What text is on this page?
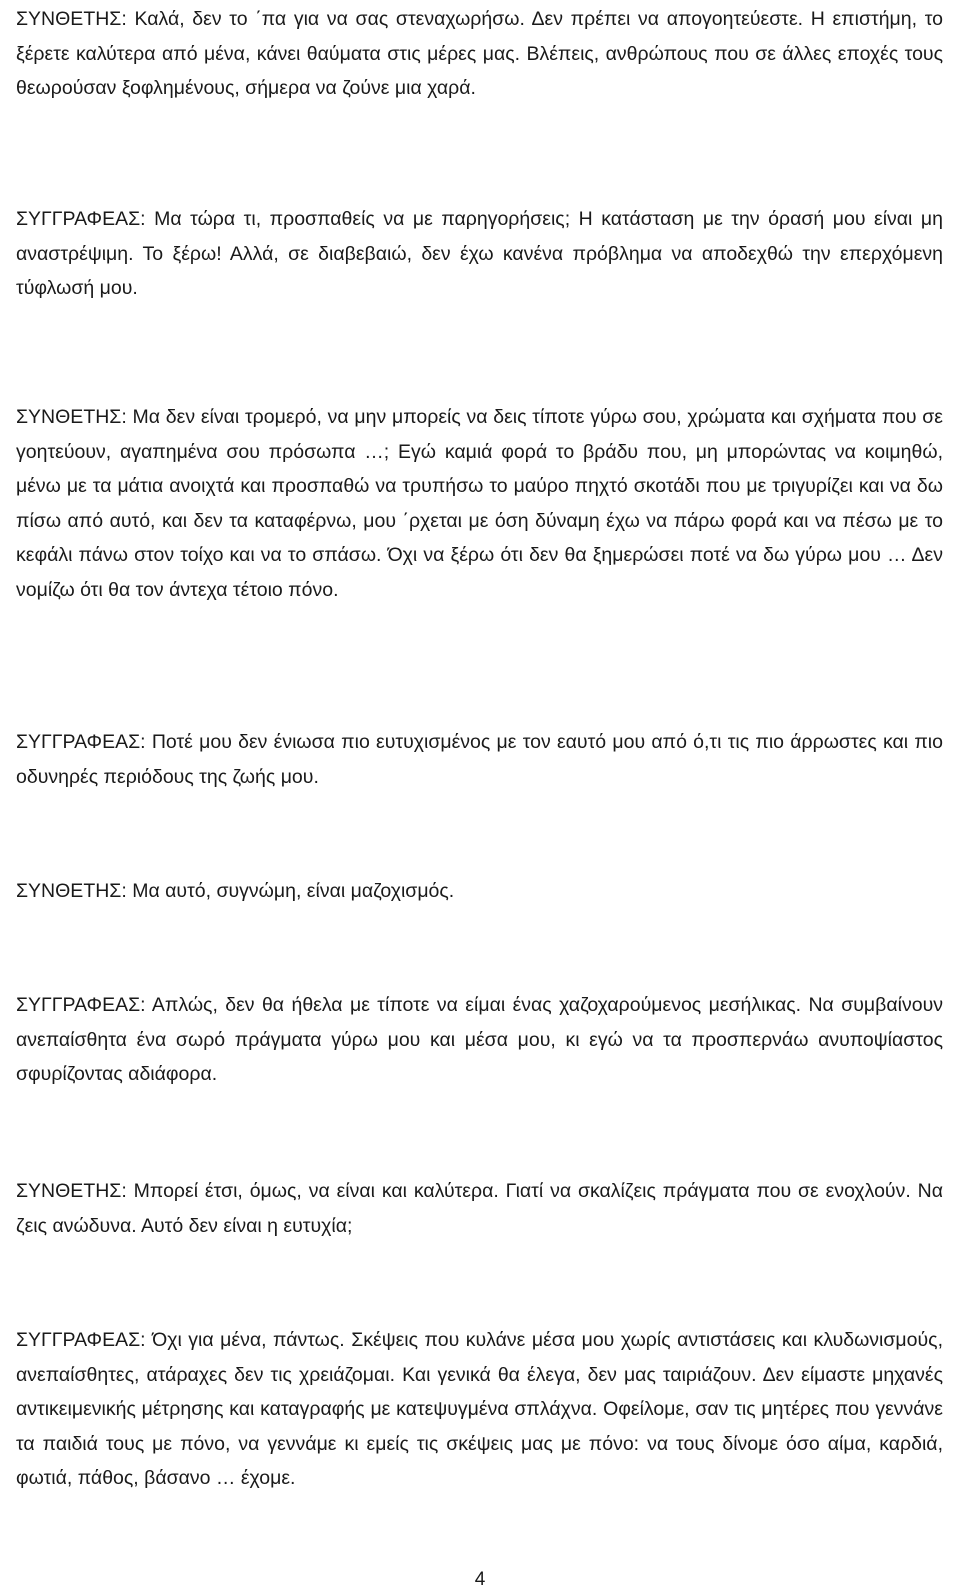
ΣΥΝΘΕΤΗΣ: Καλά, δεν το ΄πα για να σας στεναχωρήσω. Δεν πρέπει να απογοητεύεστε. Η επιστήμη, το ξέρετε καλύτερα από μένα, κάνει θαύματα στις μέρες μας. Βλέπεις, ανθρώπους που σε άλλες εποχές τους θεωρούσαν ξοφλημένους, σήμερα να ζούνε μια χαρά.

ΣΥΓΓΡΑΦΕΑΣ: Μα τώρα τι, προσπαθείς να με παρηγορήσεις; Η κατάσταση με την όρασή μου είναι μη αναστρέψιμη. Το ξέρω! Αλλά, σε διαβεβαιώ, δεν έχω κανένα πρόβλημα να αποδεχθώ την επερχόμενη τύφλωσή μου.

ΣΥΝΘΕΤΗΣ: Μα δεν είναι τρομερό, να μην μπορείς να δεις τίποτε γύρω σου, χρώματα και σχήματα που σε γοητεύουν, αγαπημένα σου πρόσωπα …; Εγώ καμιά φορά το βράδυ που, μη μπορώντας να κοιμηθώ, μένω με τα μάτια ανοιχτά και προσπαθώ να τρυπήσω το μαύρο πηχτό σκοτάδι που με τριγυρίζει και να δω πίσω από αυτό, και δεν τα καταφέρνω, μου ΄ρχεται με όση δύναμη έχω να πάρω φορά και να πέσω με το κεφάλι πάνω στον τοίχο και να το σπάσω. Όχι να ξέρω ότι δεν θα ξημερώσει ποτέ να δω γύρω μου … Δεν νομίζω ότι θα τον άντεχα τέτοιο πόνο.

ΣΥΓΓΡΑΦΕΑΣ: Ποτέ μου δεν ένιωσα πιο ευτυχισμένος με τον εαυτό μου από ό,τι τις πιο άρρωστες και πιο οδυνηρές περιόδους της ζωής μου.

ΣΥΝΘΕΤΗΣ: Μα αυτό, συγνώμη, είναι μαζοχισμός.

ΣΥΓΓΡΑΦΕΑΣ: Απλώς, δεν θα ήθελα με τίποτε να είμαι ένας χαζοχαρούμενος μεσήλικας. Να συμβαίνουν ανεπαίσθητα ένα σωρό πράγματα γύρω μου και μέσα μου, κι εγώ να τα προσπερνάω ανυποψίαστος σφυρίζοντας αδιάφορα.

ΣΥΝΘΕΤΗΣ: Μπορεί έτσι, όμως, να είναι και καλύτερα. Γιατί να σκαλίζεις πράγματα που σε ενοχλούν. Να ζεις ανώδυνα. Αυτό δεν είναι η ευτυχία;

ΣΥΓΓΡΑΦΕΑΣ: Όχι για μένα, πάντως. Σκέψεις που κυλάνε μέσα μου χωρίς αντιστάσεις και κλυδωνισμούς, ανεπαίσθητες, ατάραχες δεν τις χρειάζομαι. Και γενικά θα έλεγα, δεν μας ταιριάζουν. Δεν είμαστε μηχανές αντικειμενικής μέτρησης και καταγραφής με κατεψυγμένα σπλάχνα. Οφείλομε, σαν τις μητέρες που γεννάνε τα παιδιά τους με πόνο, να γεννάμε κι εμείς τις σκέψεις μας με πόνο: να τους δίνομε όσο αίμα, καρδιά, φωτιά, πάθος, βάσανο … έχομε.

4
